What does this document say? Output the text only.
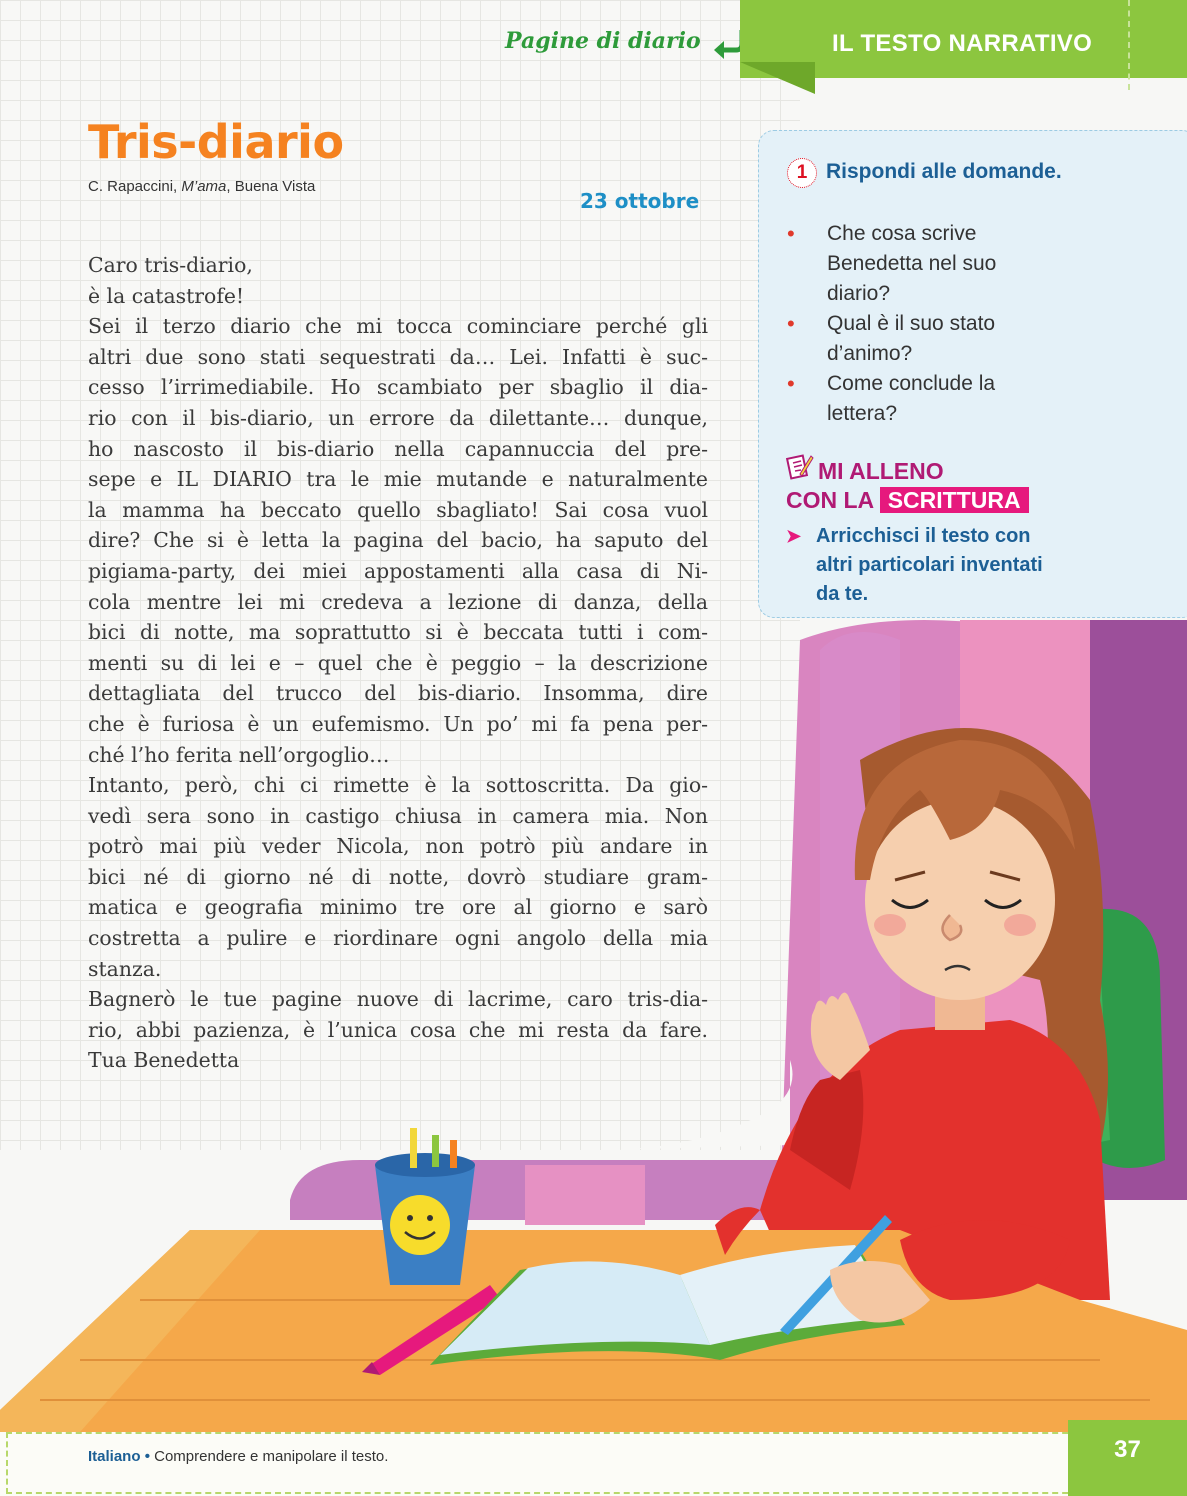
Pagine di diario	IL TESTO NARRATIVO
Tris-diario
C. Rapaccini, M’ama, Buena Vista
23 ottobre
Caro tris-diario,
è la catastrofe!
Sei il terzo diario che mi tocca cominciare perché gli
altri due sono stati sequestrati da… Lei. Infatti è suc-
cesso l’irrimediabile. Ho scambiato per sbaglio il dia-
rio con il bis-diario, un errore da dilettante… dunque,
ho nascosto il bis-diario nella capannuccia del pre-
sepe e IL DIARIO tra le mie mutande e naturalmente
la mamma ha beccato quello sbagliato! Sai cosa vuol
dire? Che si è letta la pagina del bacio, ha saputo del
pigiama-party, dei miei appostamenti alla casa di Ni-
cola mentre lei mi credeva a lezione di danza, della
bici di notte, ma soprattutto si è beccata tutti i com-
menti su di lei e – quel che è peggio – la descrizione
dettagliata del trucco del bis-diario. Insomma, dire
che è furiosa è un eufemismo. Un po’ mi fa pena per-
ché l’ho ferita nell’orgoglio…
Intanto, però, chi ci rimette è la sottoscritta. Da gio-
vedì sera sono in castigo chiusa in camera mia. Non
potrò mai più veder Nicola, non potrò più andare in
bici né di giorno né di notte, dovrò studiare gram-
matica e geografia minimo tre ore al giorno e sarò
costretta a pulire e riordinare ogni angolo della mia
stanza.
Bagnerò le tue pagine nuove di lacrime, caro tris-dia-
rio, abbi pazienza, è l’unica cosa che mi resta da fare.
Tua Benedetta
1 Rispondi alle domande.
• Che cosa scrive
Benedetta nel suo
diario?
• Qual è il suo stato
d’animo?
• Come conclude la
lettera?
MI ALLENO
CON LA SCRITTURA
➤ Arricchisci il testo con
altri particolari inventati
da te.
Italiano • Comprendere e manipolare il testo.	37
